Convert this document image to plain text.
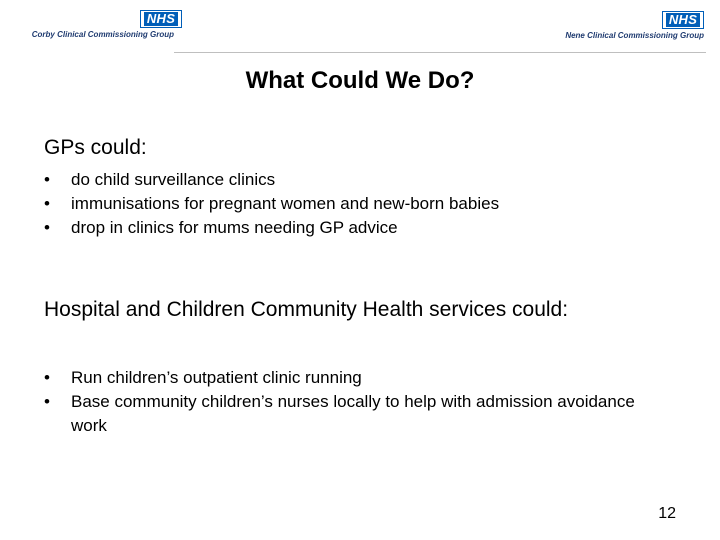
NHS
Corby Clinical Commissioning Group
NHS
Nene Clinical Commissioning Group
What Could We Do?

GPs could:

• do child surveillance clinics
• immunisations for pregnant women and new-born babies
• drop in clinics for mums needing GP advice

Hospital and Children Community Health services could:

• Run children’s outpatient clinic running
• Base community children’s nurses locally to help with admission avoidance work
12
